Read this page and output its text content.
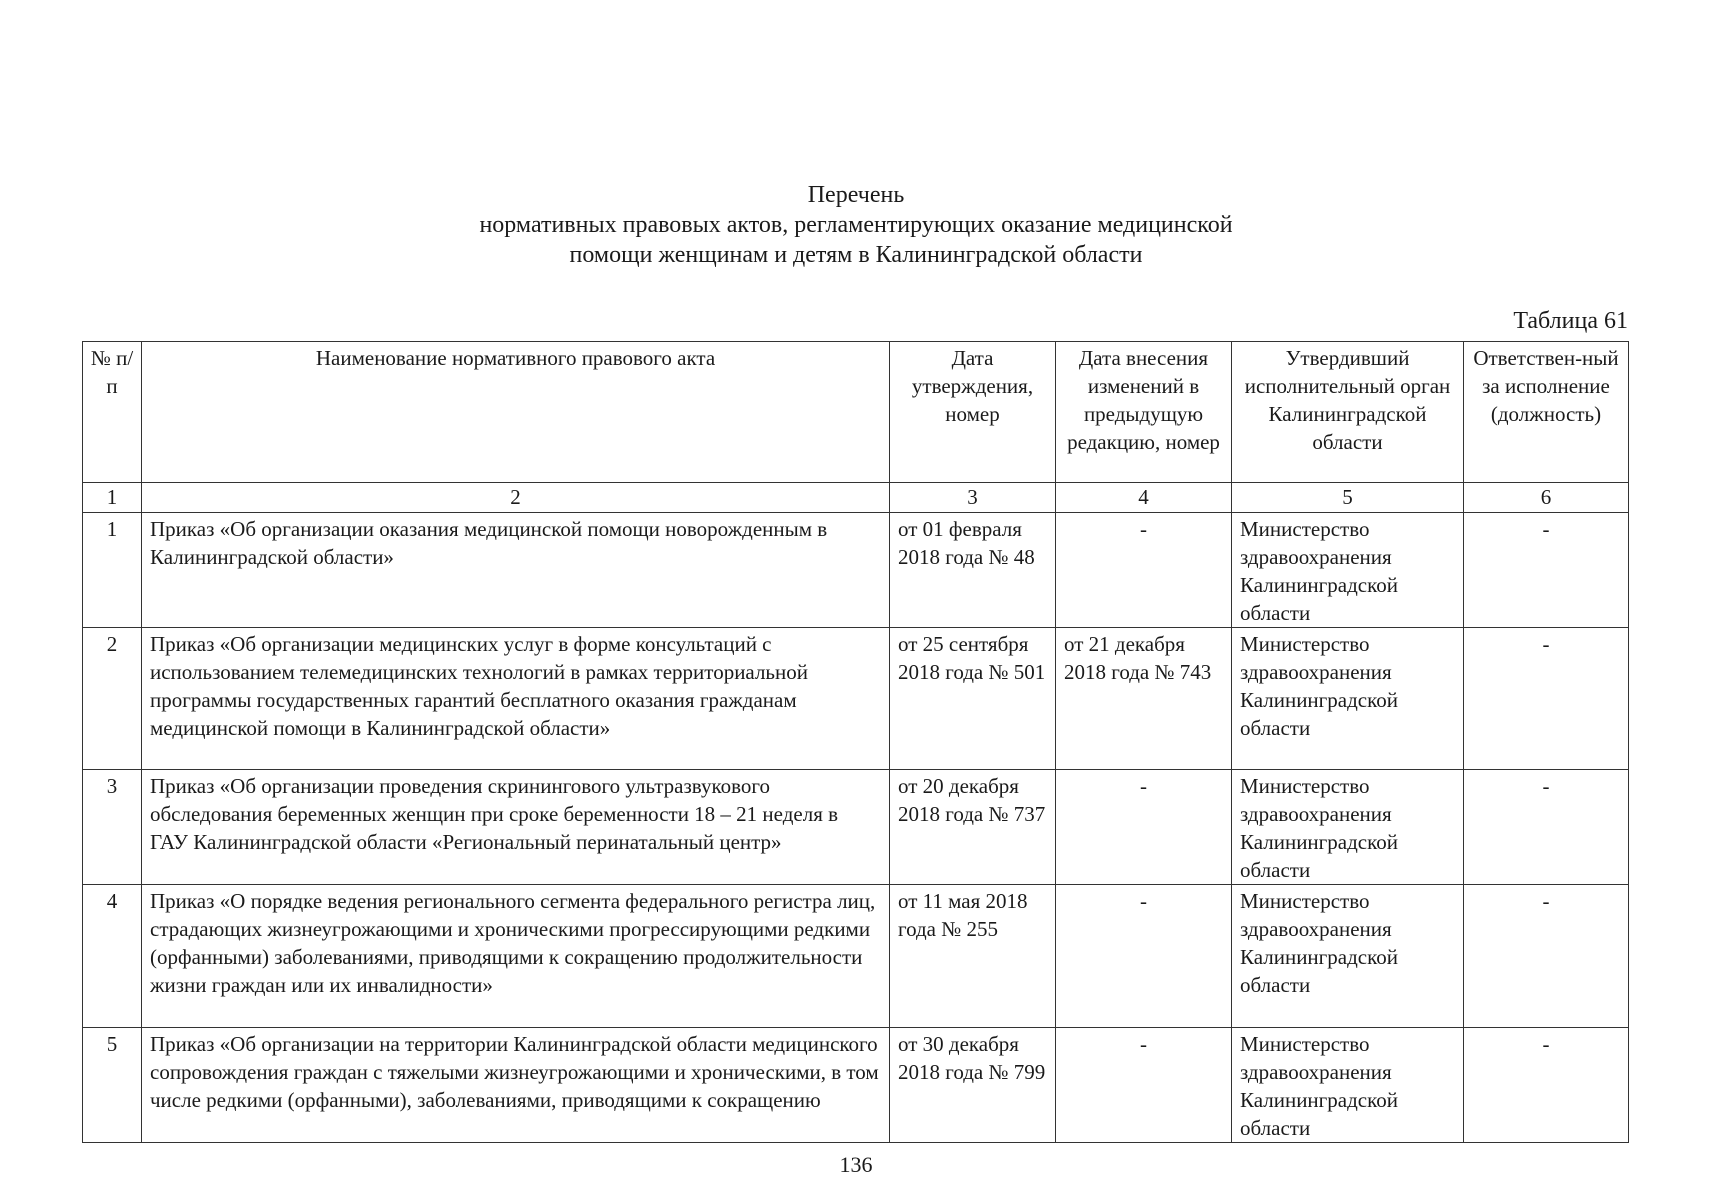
Перечень
нормативных правовых актов, регламентирующих оказание медицинской
помощи женщинам и детям в Калининградской области
Таблица 61
№ п/п	Наименование нормативного правового акта	Дата утверждения, номер	Дата внесения изменений в предыдущую редакцию, номер	Утвердивший исполнительный орган Калининградской области	Ответствен-ный за исполнение (должность)
1	2	3	4	5	6
1	Приказ «Об организации оказания медицинской помощи новорожденным в Калининградской области»	от 01 февраля 2018 года № 48	-	Министерство здравоохранения Калининградской области	-
2	Приказ «Об организации медицинских услуг в форме консультаций с использованием телемедицинских технологий в рамках территориальной программы государственных гарантий бесплатного оказания гражданам медицинской помощи в Калининградской области»	от 25 сентября 2018 года № 501	от 21 декабря 2018 года № 743	Министерство здравоохранения Калининградской области	-
3	Приказ «Об организации проведения скринингового ультразвукового обследования беременных женщин при сроке беременности 18 – 21 неделя в ГАУ Калининградской области «Региональный перинатальный центр»	от 20 декабря 2018 года № 737	-	Министерство здравоохранения Калининградской области	-
4	Приказ «О порядке ведения регионального сегмента федерального регистра лиц, страдающих жизнеугрожающими и хроническими прогрессирующими редкими (орфанными) заболеваниями, приводящими к сокращению продолжительности жизни граждан или их инвалидности»	от 11 мая 2018 года № 255	-	Министерство здравоохранения Калининградской области	-
5	Приказ «Об организации на территории Калининградской области медицинского сопровождения граждан с тяжелыми жизнеугрожающими и хроническими, в том числе редкими (орфанными), заболеваниями, приводящими к сокращению	от 30 декабря 2018 года № 799	-	Министерство здравоохранения Калининградской области	-
136
